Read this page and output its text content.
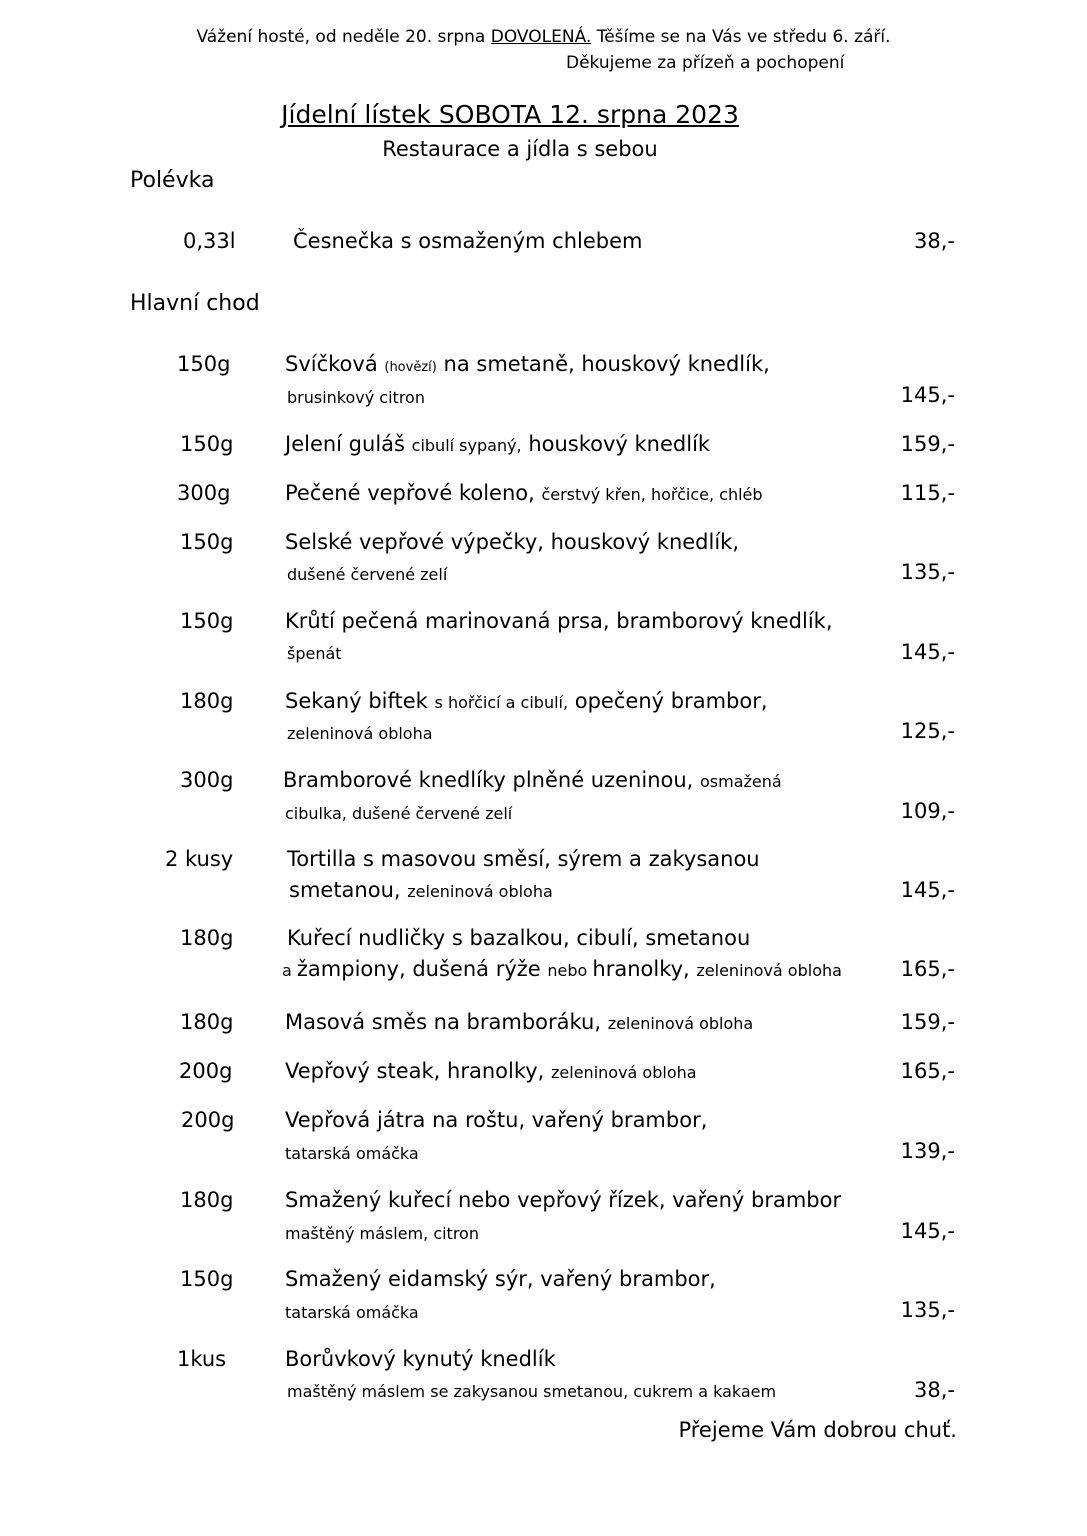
Vážení hosté, od neděle 20. srpna DOVOLENÁ. Těšíme se na Vás ve středu 6. září.
Děkujeme za přízeň a pochopení
Jídelní lístek SOBOTA 12. srpna 2023
Restaurace a jídla s sebou
Polévka
0,33l	Česnečka s osmaženým chlebem	38,-
Hlavní chod
150g	Svíčková (hovězí) na smetaně, houskový knedlík,
brusinkový citron	145,-
150g Jelení guláš cibulí sypaný, houskový knedlík	159,-
300g	Pečené vepřové koleno, čerstvý křen, hořčice, chléb	115,-
150g Selské vepřové výpečky, houskový knedlík,
dušené červené zelí	135,-
150g Krůtí pečená marinovaná prsa, bramborový knedlík,
špenát	145,-
180g Sekaný biftek s hořčicí a cibulí, opečený brambor,
zeleninová obloha	125,-
300g Bramborové knedlíky plněné uzeninou, osmažená
cibulka, dušené červené zelí	109,-
2 kusy	Tortilla s masovou směsí, sýrem a zakysanou
smetanou, zeleninová obloha	145,-
180g	Kuřecí nudličky s bazalkou, cibulí, smetanou
a žampiony, dušená rýže nebo hranolky, zeleninová obloha	165,-
180g Masová směs na bramboráku, zeleninová obloha	159,-
200g	Vepřový steak, hranolky, zeleninová obloha	165,-
200g Vepřová játra na roštu, vařený brambor,
tatarská omáčka	139,-
180g Smažený kuřecí nebo vepřový řízek, vařený brambor
maštěný máslem, citron	145,-
150g Smažený eidamský sýr, vařený brambor,
tatarská omáčka	135,-
1kus	Borůvkový kynutý knedlík
maštěný máslem se zakysanou smetanou, cukrem a kakaem	38,-
Přejeme Vám dobrou chuť.
